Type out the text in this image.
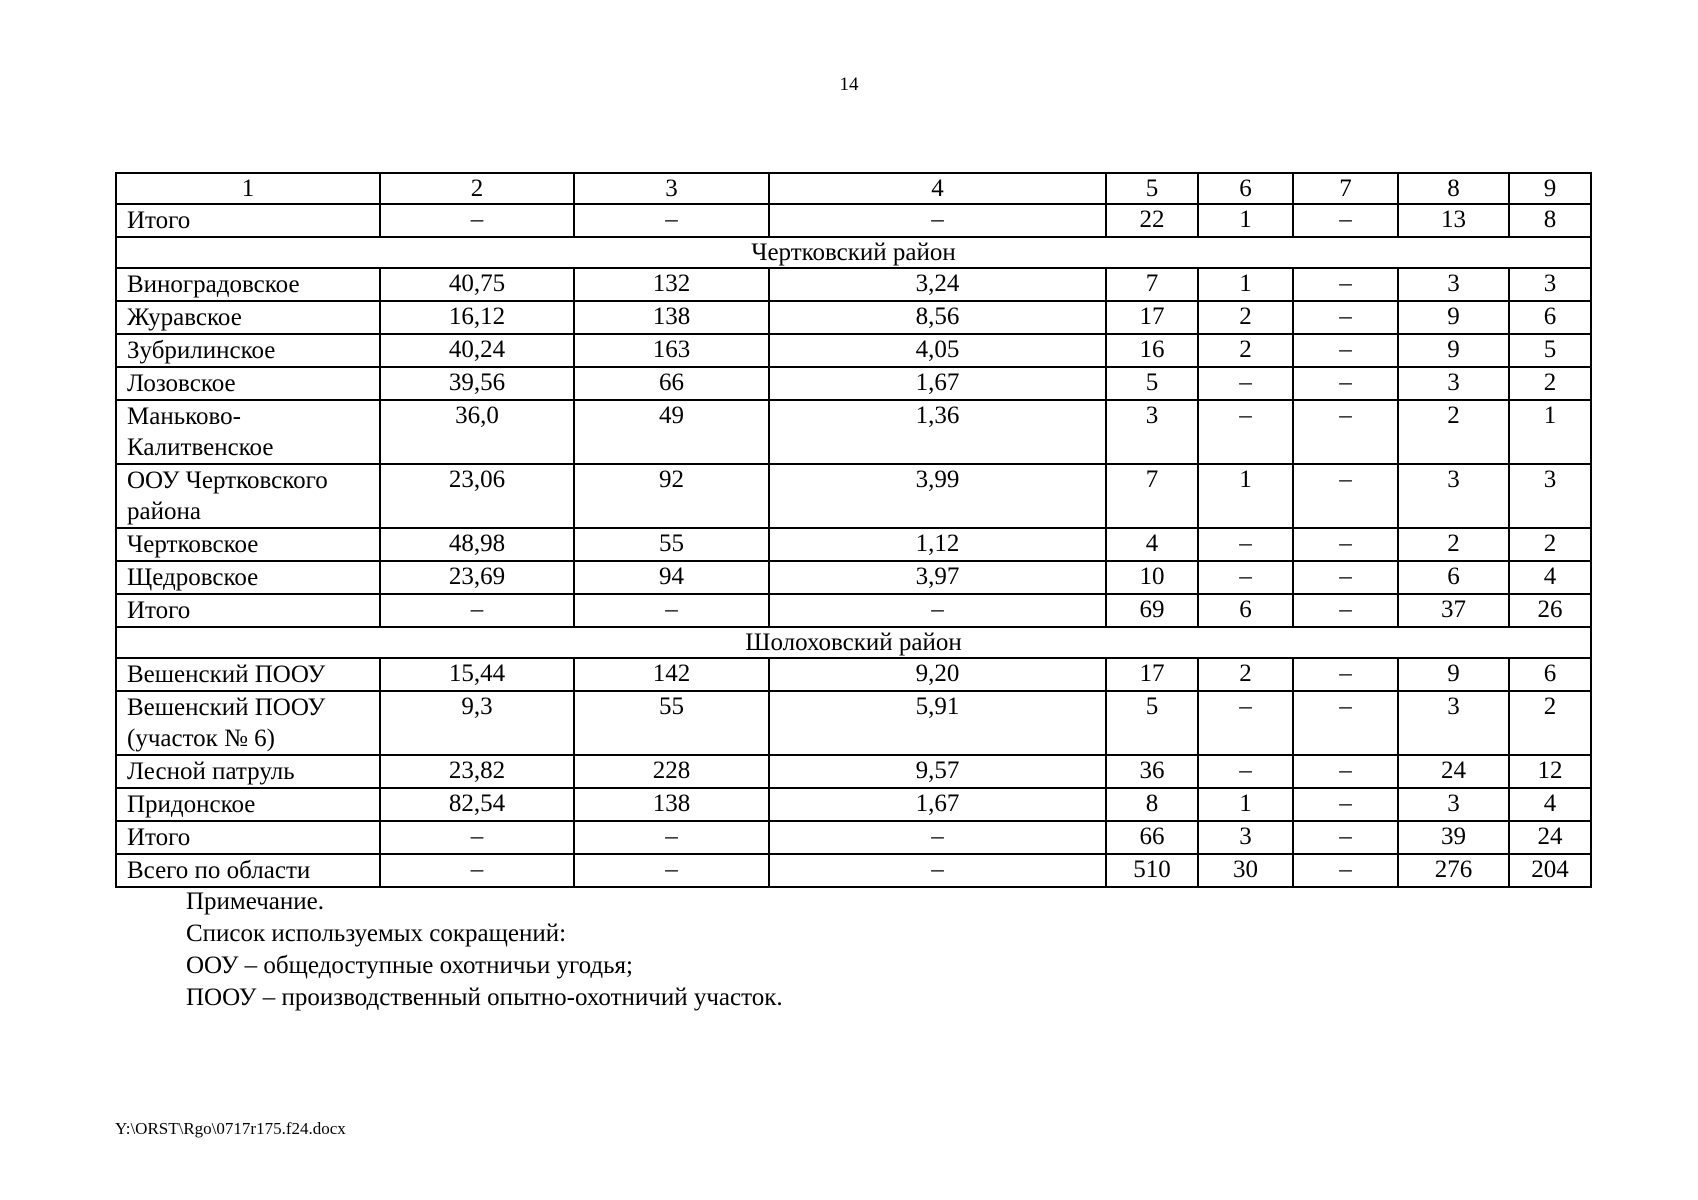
14
1	2	3	4	5	6	7	8	9
Итого	–	–	–	22	1	–	13	8
Чертковский район								
Виноградовское	40,75	132	3,24	7	1	–	3	3
Журавское	16,12	138	8,56	17	2	–	9	6
Зубрилинское	40,24	163	4,05	16	2	–	9	5
Лозовское	39,56	66	1,67	5	–	–	3	2
Маньково-Калитвенское	36,0	49	1,36	3	–	–	2	1
ООУ Чертковского района	23,06	92	3,99	7	1	–	3	3
Чертковское	48,98	55	1,12	4	–	–	2	2
Щедровское	23,69	94	3,97	10	–	–	6	4
Итого	–	–	–	69	6	–	37	26
Шолоховский район								
Вешенский ПООУ	15,44	142	9,20	17	2	–	9	6
Вешенский ПООУ (участок № 6)	9,3	55	5,91	5	–	–	3	2
Лесной патруль	23,82	228	9,57	36	–	–	24	12
Придонское	82,54	138	1,67	8	1	–	3	4
Итого	–	–	–	66	3	–	39	24
Всего по области	–	–	–	510	30	–	276	204
Примечание.
Список используемых сокращений:
ООУ – общедоступные охотничьи угодья;
ПООУ – производственный опытно-охотничий участок.
Y:\ORST\Rgo\0717r175.f24.docx
